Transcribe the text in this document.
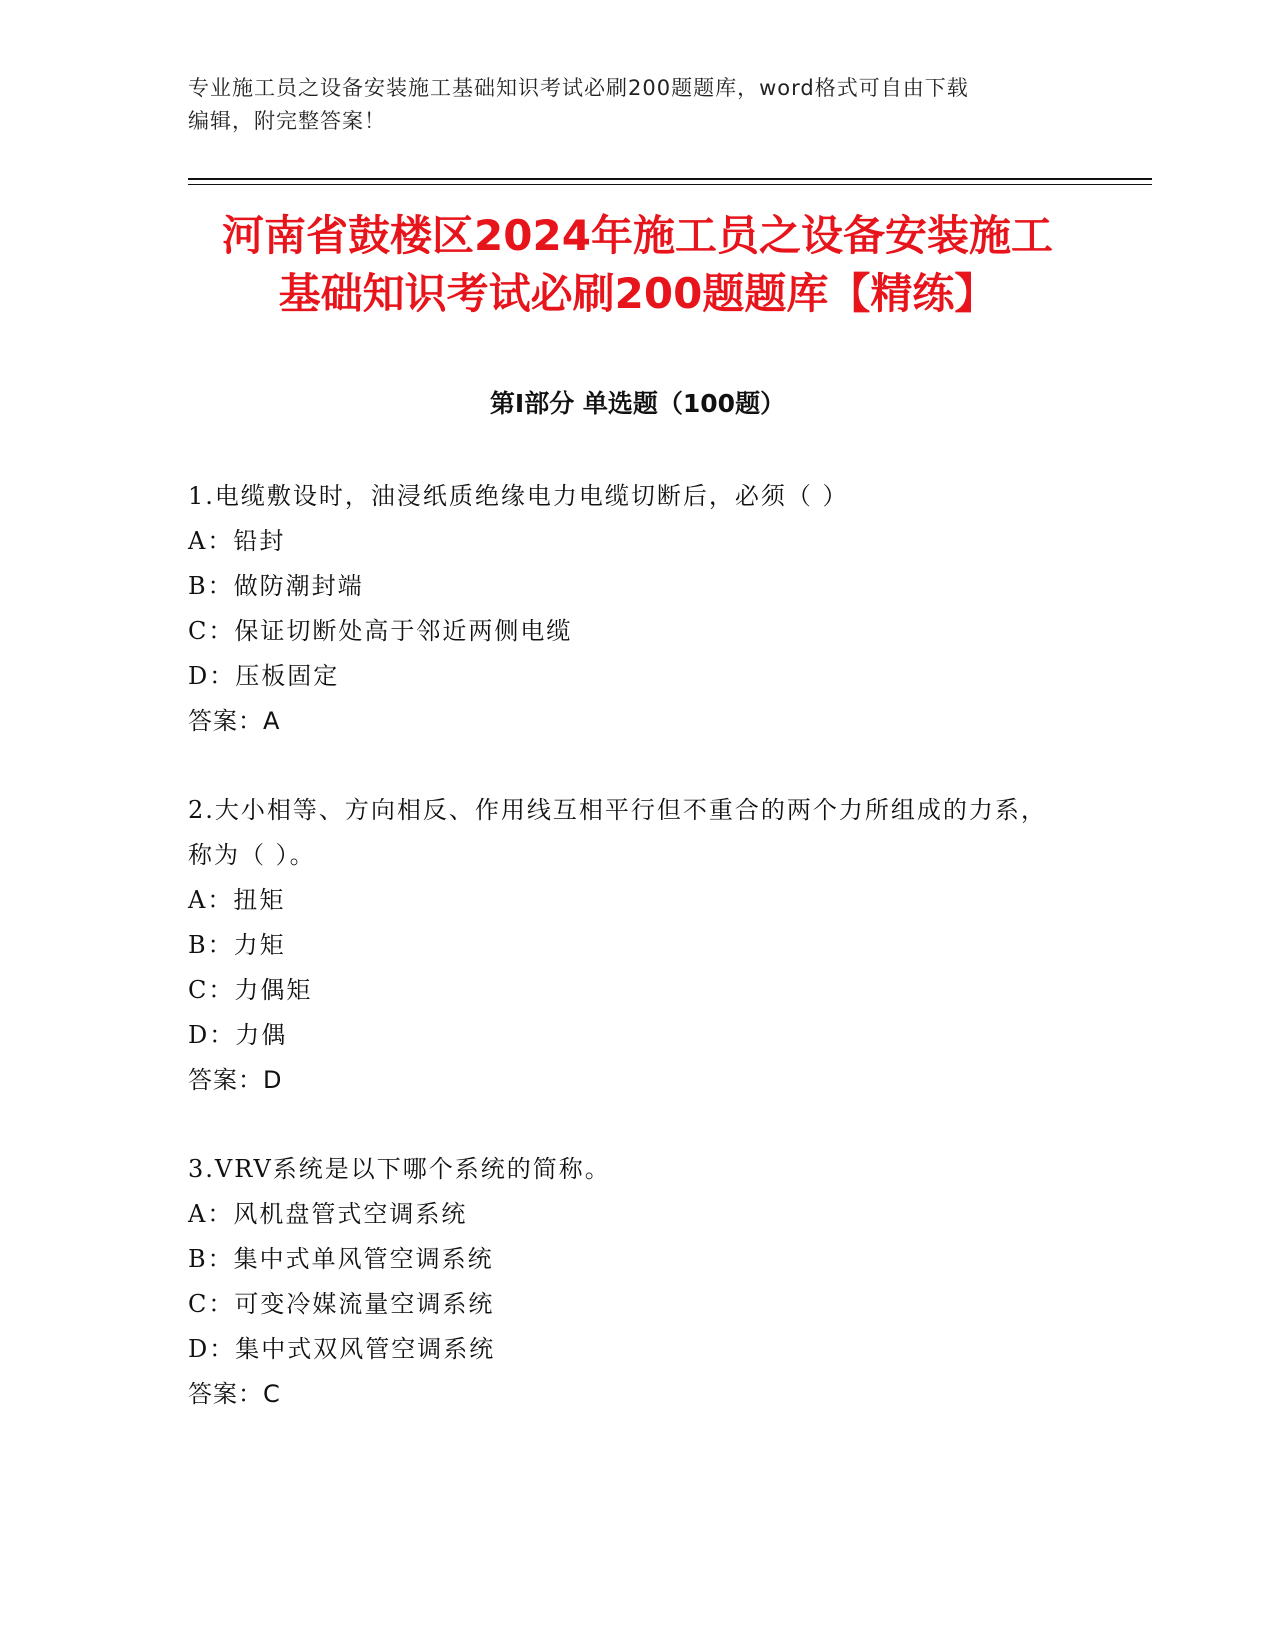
专业施工员之设备安装施工基础知识考试必刷200题题库，word格式可自由下载
编辑，附完整答案！
河南省鼓楼区2024年施工员之设备安装施工
基础知识考试必刷200题题库【精练】
第Ⅰ部分 单选题（100题）
1.电缆敷设时，油浸纸质绝缘电力电缆切断后，必须（ ）
A：铅封
B：做防潮封端
C：保证切断处高于邻近两侧电缆
D：压板固定
答案：A
2.大小相等、方向相反、作用线互相平行但不重合的两个力所组成的力系，称为（ ）。
A：扭矩
B：力矩
C：力偶矩
D：力偶
答案：D
3.VRV系统是以下哪个系统的简称。
A：风机盘管式空调系统
B：集中式单风管空调系统
C：可变冷媒流量空调系统
D：集中式双风管空调系统
答案：C
